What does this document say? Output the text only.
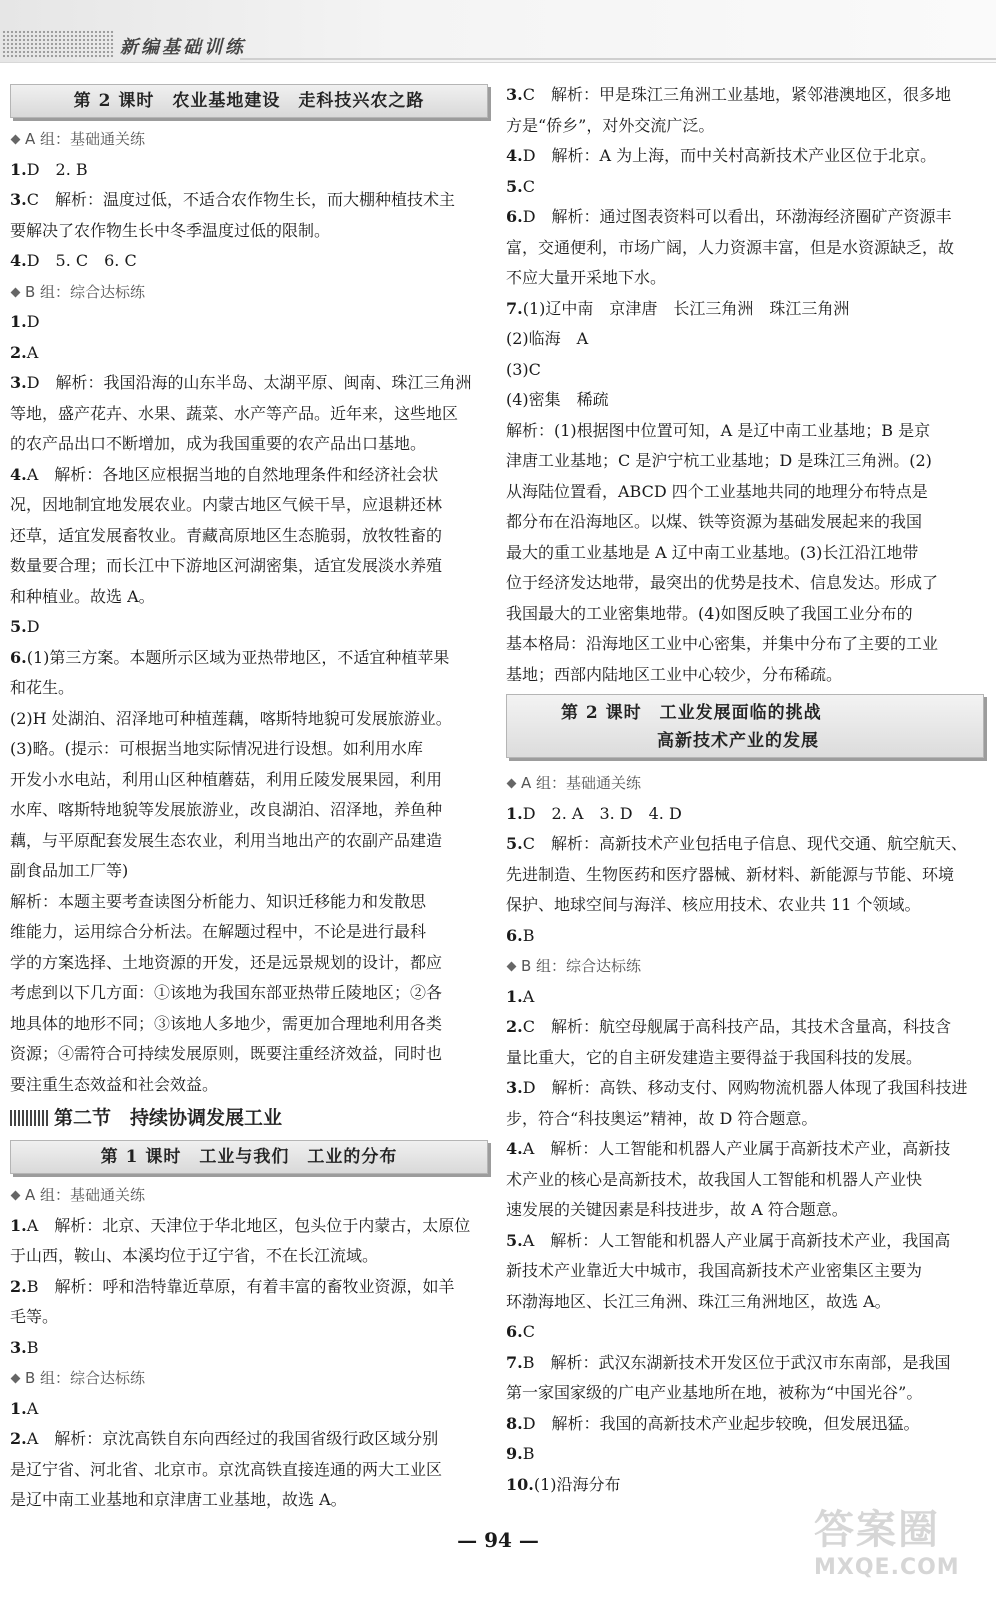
新编基础训练
第 2 课时　农业基地建设　走科技兴农之路
A 组：基础通关练
1.D　2. B
3.C　解析：温度过低，不适合农作物生长，而大棚种植技术主
要解决了农作物生长中冬季温度过低的限制。
4.D　5. C　6. C
B 组：综合达标练
1.D
2.A
3.D　解析：我国沿海的山东半岛、太湖平原、闽南、珠江三角洲
等地，盛产花卉、水果、蔬菜、水产等产品。近年来，这些地区
的农产品出口不断增加，成为我国重要的农产品出口基地。
4.A　解析：各地区应根据当地的自然地理条件和经济社会状
况，因地制宜地发展农业。内蒙古地区气候干旱，应退耕还林
还草，适宜发展畜牧业。青藏高原地区生态脆弱，放牧牲畜的
数量要合理；而长江中下游地区河湖密集，适宜发展淡水养殖
和种植业。故选 A。
5.D
6.(1)第三方案。本题所示区域为亚热带地区，不适宜种植苹果
和花生。
(2)H 处湖泊、沼泽地可种植莲藕，喀斯特地貌可发展旅游业。
(3)略。(提示：可根据当地实际情况进行设想。如利用水库
开发小水电站，利用山区种植蘑菇，利用丘陵发展果园，利用
水库、喀斯特地貌等发展旅游业，改良湖泊、沼泽地，养鱼种
藕，与平原配套发展生态农业，利用当地出产的农副产品建造
副食品加工厂等)
解析：本题主要考查读图分析能力、知识迁移能力和发散思
维能力，运用综合分析法。在解题过程中，不论是进行最科
学的方案选择、土地资源的开发，还是远景规划的设计，都应
考虑到以下几方面：①该地为我国东部亚热带丘陵地区；②各
地具体的地形不同；③该地人多地少，需更加合理地利用各类
资源；④需符合可持续发展原则，既要注重经济效益，同时也
要注重生态效益和社会效益。
第二节　持续协调发展工业
第 1 课时　工业与我们　工业的分布
A 组：基础通关练
1.A　解析：北京、天津位于华北地区，包头位于内蒙古，太原位
于山西，鞍山、本溪均位于辽宁省，不在长江流域。
2.B　解析：呼和浩特靠近草原，有着丰富的畜牧业资源，如羊
毛等。
3.B
B 组：综合达标练
1.A
2.A　解析：京沈高铁自东向西经过的我国省级行政区域分别
是辽宁省、河北省、北京市。京沈高铁直接连通的两大工业区
是辽中南工业基地和京津唐工业基地，故选 A。
3.C　解析：甲是珠江三角洲工业基地，紧邻港澳地区，很多地
方是“侨乡”，对外交流广泛。
4.D　解析：A 为上海，而中关村高新技术产业区位于北京。
5.C
6.D　解析：通过图表资料可以看出，环渤海经济圈矿产资源丰
富，交通便利，市场广阔，人力资源丰富，但是水资源缺乏，故
不应大量开采地下水。
7.(1)辽中南　京津唐　长江三角洲　珠江三角洲
(2)临海　A
(3)C
(4)密集　稀疏
解析：(1)根据图中位置可知，A 是辽中南工业基地；B 是京
津唐工业基地；C 是沪宁杭工业基地；D 是珠江三角洲。(2)
从海陆位置看，ABCD 四个工业基地共同的地理分布特点是
都分布在沿海地区。以煤、铁等资源为基础发展起来的我国
最大的重工业基地是 A 辽中南工业基地。(3)长江沿江地带
位于经济发达地带，最突出的优势是技术、信息发达。形成了
我国最大的工业密集地带。(4)如图反映了我国工业分布的
基本格局：沿海地区工业中心密集，并集中分布了主要的工业
基地；西部内陆地区工业中心较少，分布稀疏。
第 2 课时　工业发展面临的挑战
高新技术产业的发展
A 组：基础通关练
1.D　2. A　3. D　4. D
5.C　解析：高新技术产业包括电子信息、现代交通、航空航天、
先进制造、生物医药和医疗器械、新材料、新能源与节能、环境
保护、地球空间与海洋、核应用技术、农业共 11 个领域。
6.B
B 组：综合达标练
1.A
2.C　解析：航空母舰属于高科技产品，其技术含量高，科技含
量比重大，它的自主研发建造主要得益于我国科技的发展。
3.D　解析：高铁、移动支付、网购物流机器人体现了我国科技进
步，符合“科技奥运”精神，故 D 符合题意。
4.A　解析：人工智能和机器人产业属于高新技术产业，高新技
术产业的核心是高新技术，故我国人工智能和机器人产业快
速发展的关键因素是科技进步，故 A 符合题意。
5.A　解析：人工智能和机器人产业属于高新技术产业，我国高
新技术产业靠近大中城市，我国高新技术产业密集区主要为
环渤海地区、长江三角洲、珠江三角洲地区，故选 A。
6.C
7.B　解析：武汉东湖新技术开发区位于武汉市东南部，是我国
第一家国家级的广电产业基地所在地，被称为“中国光谷”。
8.D　解析：我国的高新技术产业起步较晚，但发展迅猛。
9.B
10.(1)沿海分布
— 94 —	答案圈
MXQE.COM
